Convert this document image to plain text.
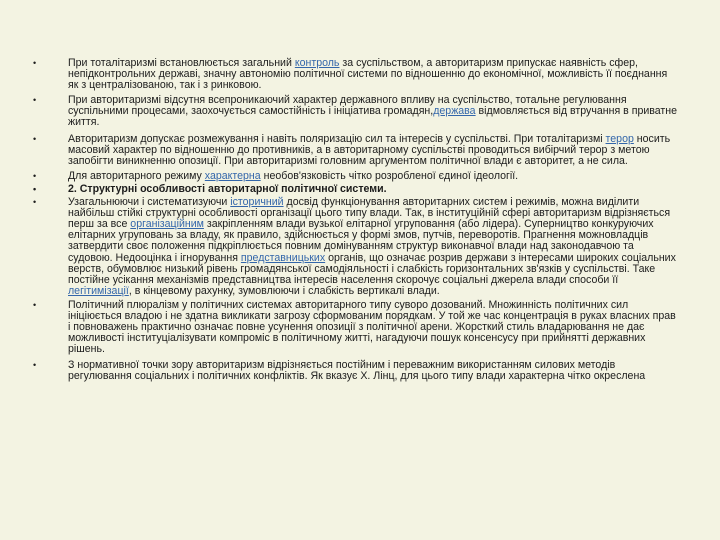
•	При тоталітаризмі встановлюється загальний контроль за суспільством, а авторитаризм припускає наявність сфер, непідконтрольних державі, значну автономію політичної системи по відношенню до економічної, можливість її поєднання як з централізованою, так і з ринковою.
•	При авторитаризмі відсутня всепроникаючий характер державного впливу на суспільство, тотальне регулювання суспільними процесами, заохочується самостійність і ініціатива громадян,держава відмовляється від втручання в приватне життя.
•	Авторитаризм допускає розмежування і навіть поляризацію сил та інтересів у суспільстві. При тоталітаризмі терор носить масовий характер по відношенню до противників, а в авторитарному суспільстві проводиться вибірчий терор з метою запобігти виникненню опозиції. При авторитаризмі головним аргументом політичної влади є авторитет, а не сила.
•	Для авторитарного режиму характерна необов'язковість чітко розробленої єдиної ідеології.
•	2. Структурні особливості авторитарної політичної системи.
•	Узагальнюючи і систематизуючи історичний досвід функціонування авторитарних систем і режимів, можна виділити найбільш стійкі структурні особливості організації цього типу влади. Так, в інституційній сфері авторитаризм відрізняється перш за все організаційним закріпленням влади вузької елітарної угруповання (або лідера). Суперництво конкуруючих елітарних угруповань за владу, як правило, здійснюється у формі змов, путчів, переворотів. Прагнення можновладців затвердити своє положення підкріплюється повним домінуванням структур виконавчої влади над законодавчою та судовою. Недооцінка і ігнорування представницьких органів, що означає розрив держави з інтересами широких соціальних верств, обумовлює низький рівень громадянської самодіяльності і слабкість горизонтальних зв'язків у суспільстві. Таке постійне усікання механізмів представництва інтересів населення скорочує соціальні джерела влади способи її легітимізації, в кінцевому рахунку, зумовлюючи і слабкість вертикалі влади.
•	Політичний плюралізм у політичних системах авторитарного типу суворо дозований. Множинність політичних сил ініціюється владою і не здатна викликати загрозу сформованим порядкам. У той же час концентрація в руках власних прав і повноважень практично означає повне усунення опозиції з політичної арени. Жорсткий стиль владарювання не дає можливості інституціалізувати компроміс в політичному житті, нагадуючи пошук консенсусу при прийнятті державних рішень.
•	З нормативної точки зору авторитаризм відрізняється постійним і переважним використанням силових методів регулювання соціальних і політичних конфліктів. Як вказує Х. Лінц, для цього типу влади характерна чітко окреслена
